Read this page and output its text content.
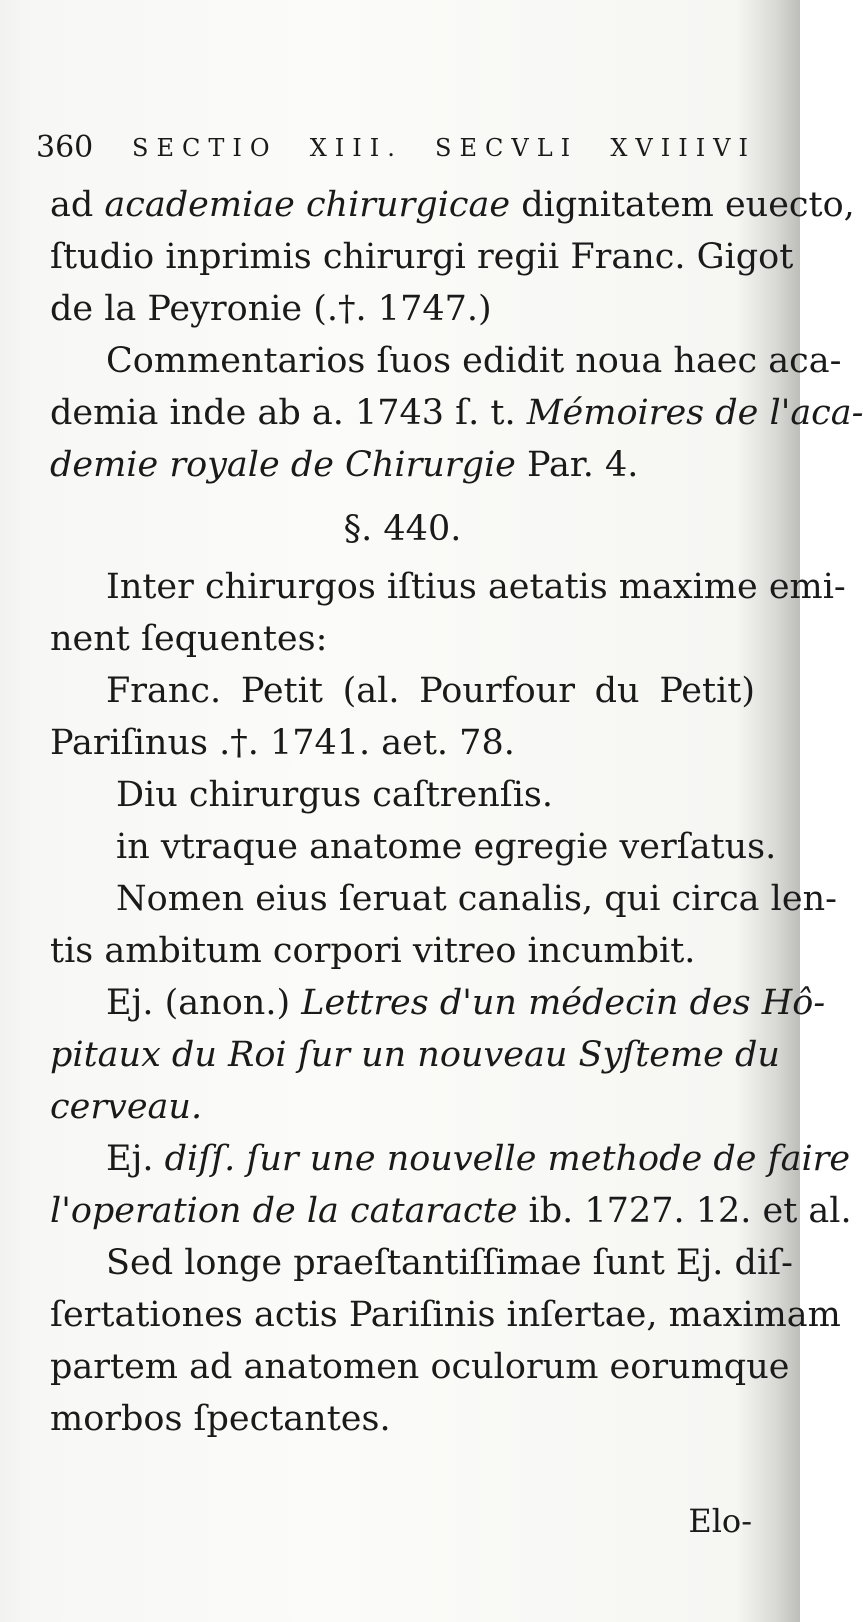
360 SECTIO XIII. SECVLI XVIIIVI
ad academiae chirurgicae dignitatem euecto,
ſtudio inprimis chirurgi regii Franc. Gigot
de la Peyronie (.†. 1747.)
Commentarios ſuos edidit noua haec aca-
demia inde ab a. 1743 ſ. t. Mémoires de l'aca-
demie royale de Chirurgie Par. 4.
§. 440.
Inter chirurgos iſtius aetatis maxime emi-
nent ſequentes:
Franc. Petit (al. Pourfour du Petit)
Pariſinus .†. 1741. aet. 78.
Diu chirurgus caſtrenſis.
in vtraque anatome egregie verſatus.
Nomen eius ſeruat canalis, qui circa len-
tis ambitum corpori vitreo incumbit.
Ej. (anon.) Lettres d'un médecin des Hô-
pitaux du Roi ſur un nouveau Syſteme du
cerveau.
Ej. diſſ. ſur une nouvelle methode de faire
l'operation de la cataracte ib. 1727. 12. et al.
Sed longe praeſtantiſſimae ſunt Ej. diſ-
ſertationes actis Pariſinis inſertae, maximam
partem ad anatomen oculorum eorumque
morbos ſpectantes.
Elo-
